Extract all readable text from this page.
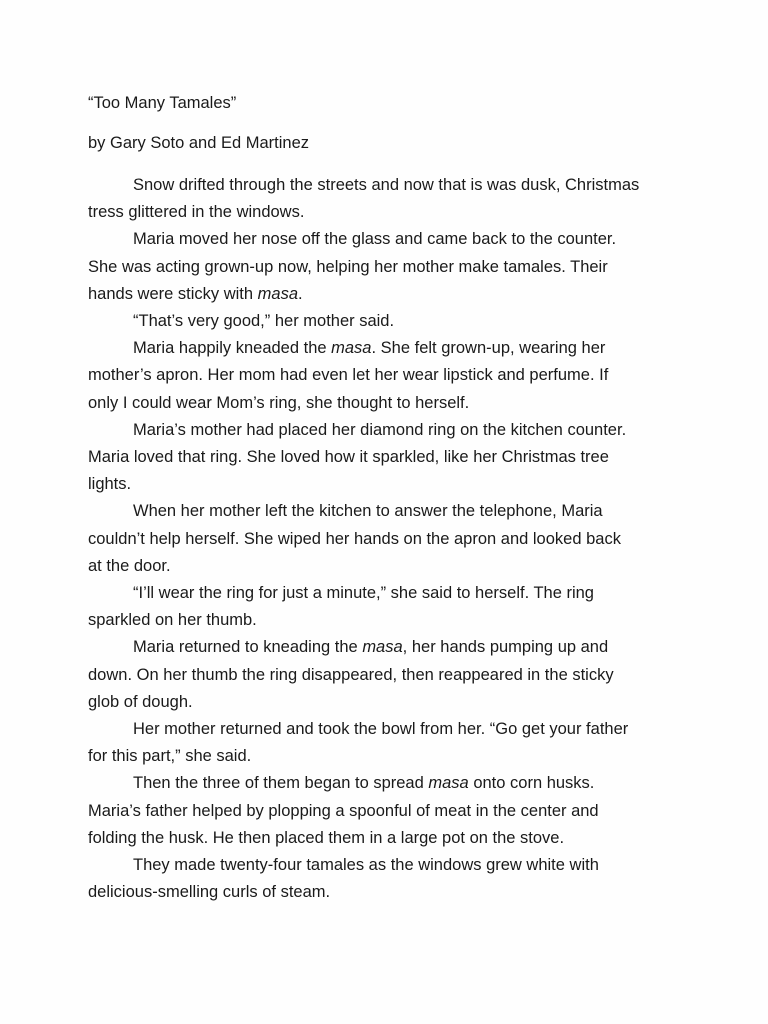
“Too Many Tamales”

by Gary Soto and Ed Martinez

Snow drifted through the streets and now that is was dusk, Christmas
tress glittered in the windows.

Maria moved her nose off the glass and came back to the counter.
She was acting grown-up now, helping her mother make tamales. Their
hands were sticky with masa.

“That’s very good,” her mother said.

Maria happily kneaded the masa. She felt grown-up, wearing her
mother’s apron. Her mom had even let her wear lipstick and perfume. If
only I could wear Mom’s ring, she thought to herself.

Maria’s mother had placed her diamond ring on the kitchen counter.
Maria loved that ring. She loved how it sparkled, like her Christmas tree
lights.

When her mother left the kitchen to answer the telephone, Maria
couldn’t help herself. She wiped her hands on the apron and looked back
at the door.

“I’ll wear the ring for just a minute,” she said to herself. The ring
sparkled on her thumb.

Maria returned to kneading the masa, her hands pumping up and
down. On her thumb the ring disappeared, then reappeared in the sticky
glob of dough.

Her mother returned and took the bowl from her. “Go get your father
for this part,” she said.

Then the three of them began to spread masa onto corn husks.
Maria’s father helped by plopping a spoonful of meat in the center and
folding the husk. He then placed them in a large pot on the stove.

They made twenty-four tamales as the windows grew white with
delicious-smelling curls of steam.
